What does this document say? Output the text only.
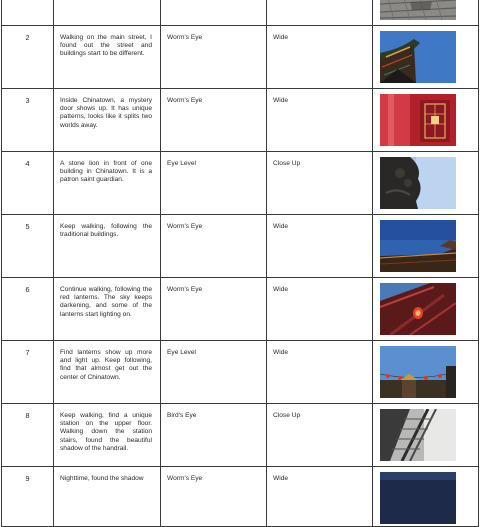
2	Walking on the main street, I found out the street and buildings start to be different.	Worm's Eye	Wide	

3	Inside Chinatown, a mystery door shows up. It has unique patterns, looks like it splits two worlds away.	Worm's Eye	Wide	

4	A stone lion in front of one building in Chinatown. It is a patron saint guardian.	Eye Level	Close Up	

5	Keep walking, following the traditional buildings.	Worm's Eye	Wide	

6	Continue walking, following the red lanterns. The sky keeps darkening, and some of the lanterns start lighting on.	Worm's Eye	Wide	

7	Find lanterns show up more and light up. Keep following, find that almost get out the center of Chinatown.	Eye Level	Wide	

8	Keep walking, find a unique station on the upper floor. Walking down the station stairs, found the beautiful shadow of the handrail.	Bird's Eye	Close Up	

9	Nighttime, found the shadow	Worm's Eye	Wide	
